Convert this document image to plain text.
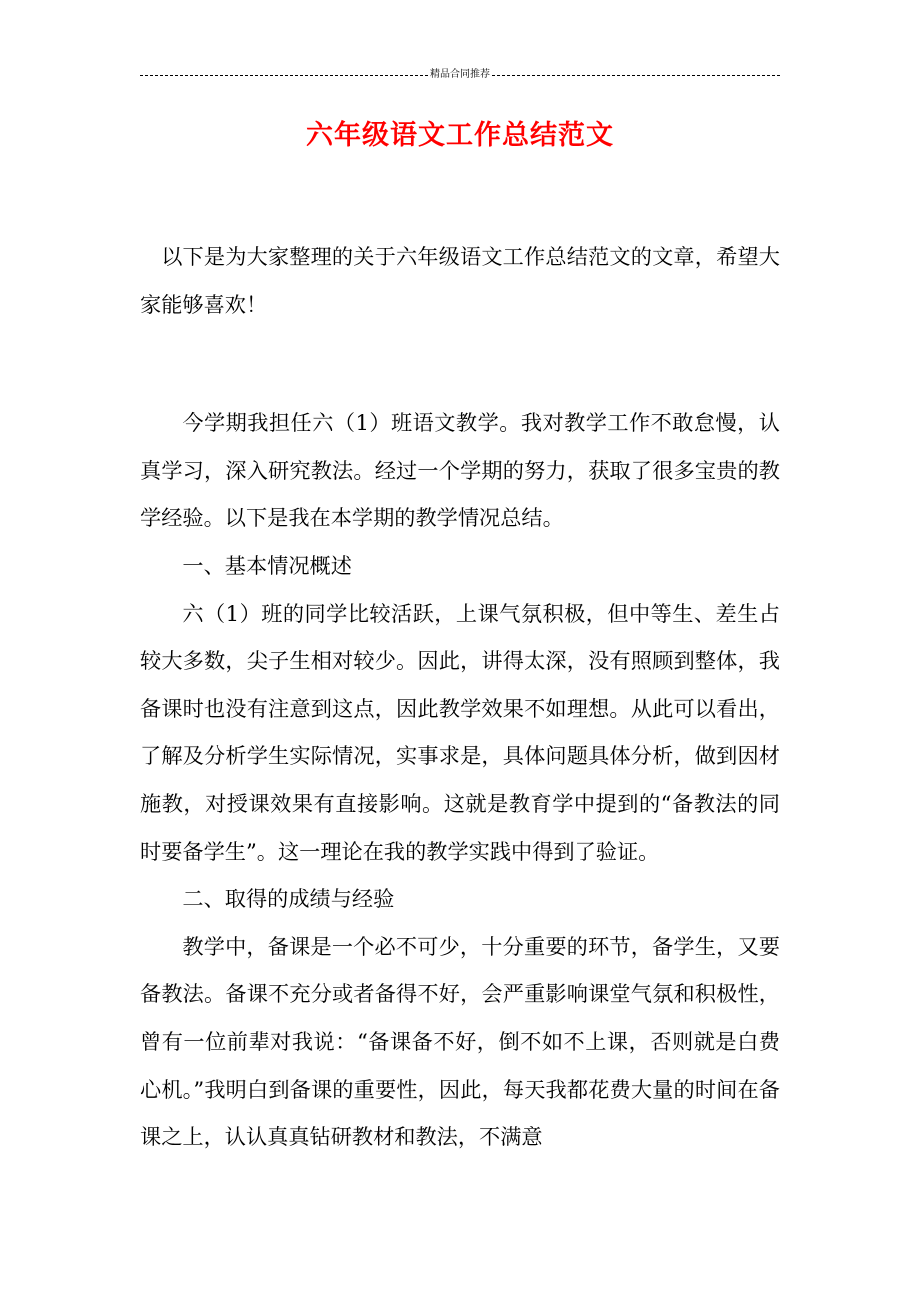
精品合同推荐
六年级语文工作总结范文

以下是为大家整理的关于六年级语文工作总结范文的文章，希望大家能够喜欢！

今学期我担任六（1）班语文教学。我对教学工作不敢怠慢，认真学习，深入研究教法。经过一个学期的努力，获取了很多宝贵的教学经验。以下是我在本学期的教学情况总结。

一、基本情况概述

六（1）班的同学比较活跃，上课气氛积极，但中等生、差生占较大多数，尖子生相对较少。因此，讲得太深，没有照顾到整体，我备课时也没有注意到这点，因此教学效果不如理想。从此可以看出，了解及分析学生实际情况，实事求是，具体问题具体分析，做到因材施教，对授课效果有直接影响。这就是教育学中提到的“备教法的同时要备学生”。这一理论在我的教学实践中得到了验证。

二、取得的成绩与经验

教学中，备课是一个必不可少，十分重要的环节，备学生，又要备教法。备课不充分或者备得不好，会严重影响课堂气氛和积极性，曾有一位前辈对我说：“备课备不好，倒不如不上课，否则就是白费心机。”我明白到备课的重要性，因此，每天我都花费大量的时间在备课之上，认认真真钻研教材和教法，不满意
